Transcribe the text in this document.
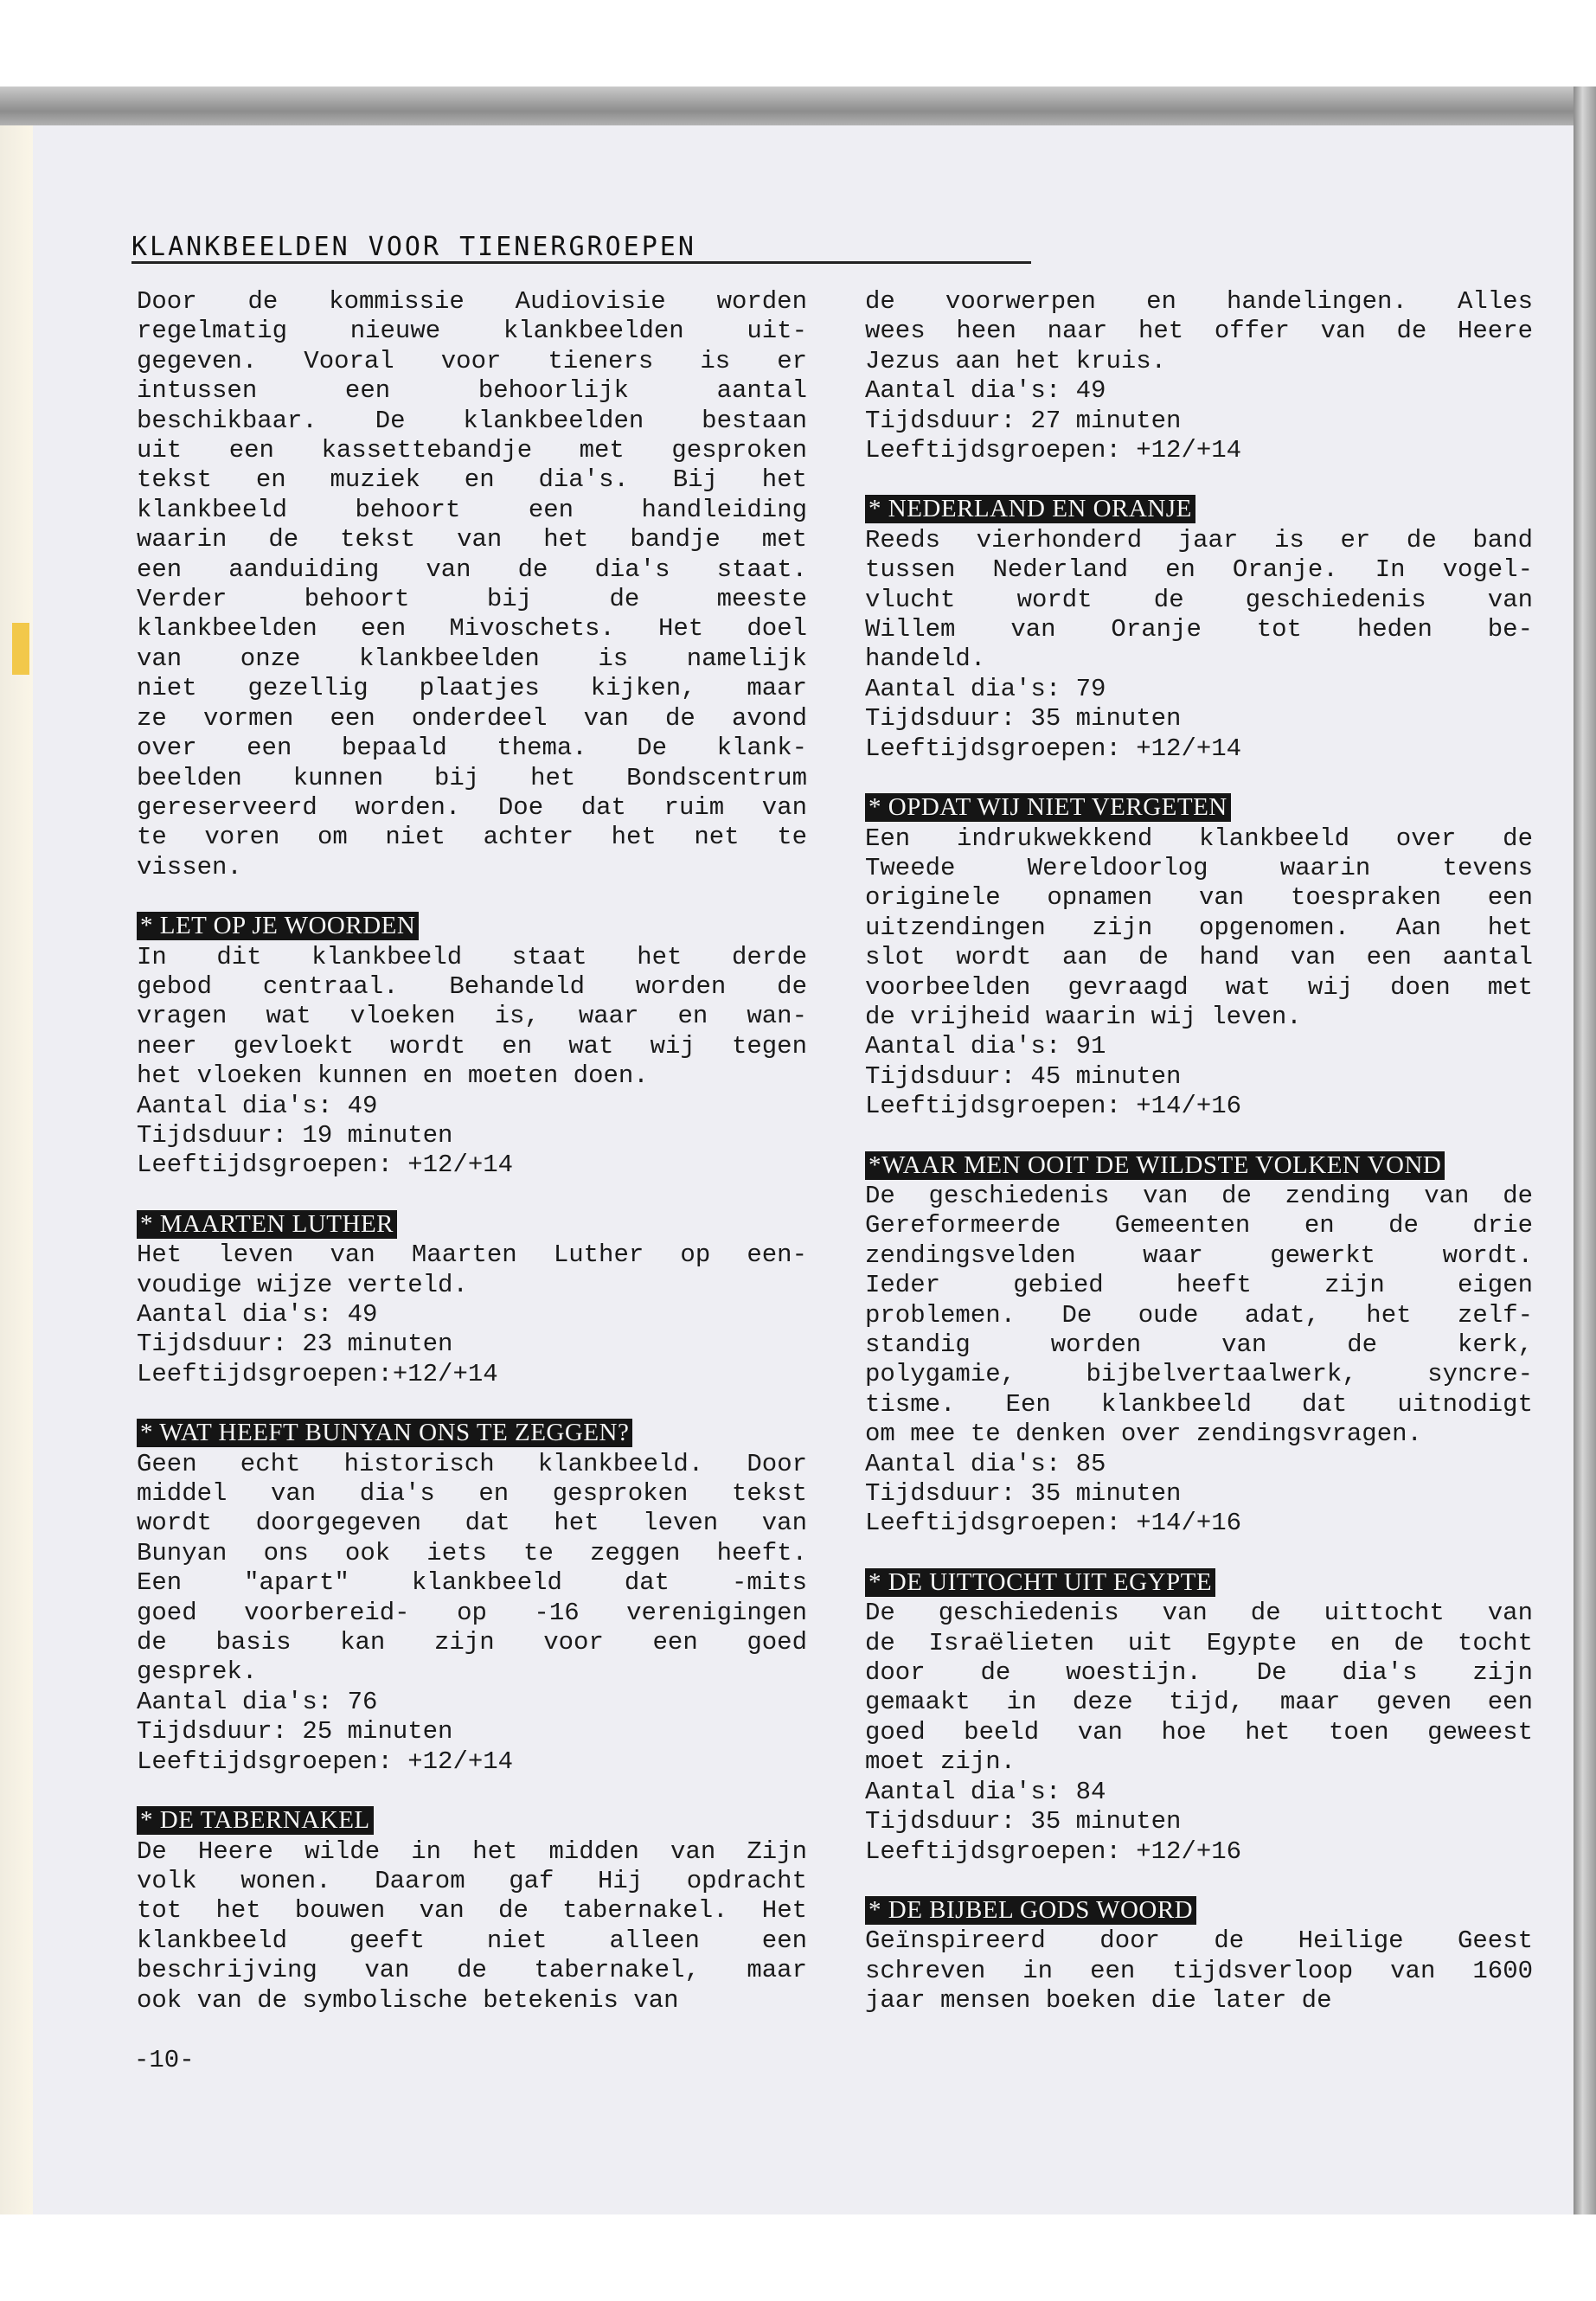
KLANKBEELDEN VOOR TIENERGROEPEN

Door de kommissie Audiovisie worden

regelmatig nieuwe klankbeelden uit-

gegeven. Vooral voor tieners is er

intussen een behoorlijk aantal

beschikbaar. De klankbeelden bestaan

uit een kassettebandje met gesproken

tekst en muziek en dia's. Bij het

klankbeeld behoort een handleiding

waarin de tekst van het bandje met

een aanduiding van de dia's staat.

Verder behoort bij de meeste

klankbeelden een Mivoschets. Het doel

van onze klankbeelden is namelijk

niet gezellig plaatjes kijken, maar

ze vormen een onderdeel van de avond

over een bepaald thema. De klank-

beelden kunnen bij het Bondscentrum

gereserveerd worden. Doe dat ruim van

te voren om niet achter het net te

vissen.

* LET OP JE WOORDEN

In dit klankbeeld staat het derde

gebod centraal. Behandeld worden de

vragen wat vloeken is, waar en wan-

neer gevloekt wordt en wat wij tegen

het vloeken kunnen en moeten doen.

Aantal dia's: 49

Tijdsduur: 19 minuten

Leeftijdsgroepen: +12/+14

* MAARTEN LUTHER

Het leven van Maarten Luther op een-

voudige wijze verteld.

Aantal dia's: 49

Tijdsduur: 23 minuten

Leeftijdsgroepen:+12/+14

* WAT HEEFT BUNYAN ONS TE ZEGGEN?

Geen echt historisch klankbeeld. Door

middel van dia's en gesproken tekst

wordt doorgegeven dat het leven van

Bunyan ons ook iets te zeggen heeft.

Een "apart" klankbeeld dat -mits

goed voorbereid- op -16 verenigingen

de basis kan zijn voor een goed

gesprek.

Aantal dia's: 76

Tijdsduur: 25 minuten

Leeftijdsgroepen: +12/+14

* DE TABERNAKEL

De Heere wilde in het midden van Zijn

volk wonen. Daarom gaf Hij opdracht

tot het bouwen van de tabernakel. Het

klankbeeld geeft niet alleen een

beschrijving van de tabernakel, maar

ook van de symbolische betekenis van

de voorwerpen en handelingen. Alles

wees heen naar het offer van de Heere

Jezus aan het kruis.

Aantal dia's: 49

Tijdsduur: 27 minuten

Leeftijdsgroepen: +12/+14

* NEDERLAND EN ORANJE

Reeds vierhonderd jaar is er de band

tussen Nederland en Oranje. In vogel-

vlucht wordt de geschiedenis van

Willem van Oranje tot heden be-

handeld.

Aantal dia's: 79

Tijdsduur: 35 minuten

Leeftijdsgroepen: +12/+14

* OPDAT WIJ NIET VERGETEN

Een indrukwekkend klankbeeld over de

Tweede Wereldoorlog waarin tevens

originele opnamen van toespraken een

uitzendingen zijn opgenomen. Aan het

slot wordt aan de hand van een aantal

voorbeelden gevraagd wat wij doen met

de vrijheid waarin wij leven.

Aantal dia's: 91

Tijdsduur: 45 minuten

Leeftijdsgroepen: +14/+16

*WAAR MEN OOIT DE WILDSTE VOLKEN VOND

De geschiedenis van de zending van de

Gereformeerde Gemeenten en de drie

zendingsvelden waar gewerkt wordt.

Ieder gebied heeft zijn eigen

problemen. De oude adat, het zelf-

standig worden van de kerk,

polygamie, bijbelvertaalwerk, syncre-

tisme. Een klankbeeld dat uitnodigt

om mee te denken over zendingsvragen.

Aantal dia's: 85

Tijdsduur: 35 minuten

Leeftijdsgroepen: +14/+16

* DE UITTOCHT UIT EGYPTE

De geschiedenis van de uittocht van

de Israëlieten uit Egypte en de tocht

door de woestijn. De dia's zijn

gemaakt in deze tijd, maar geven een

goed beeld van hoe het toen geweest

moet zijn.

Aantal dia's: 84

Tijdsduur: 35 minuten

Leeftijdsgroepen: +12/+16

* DE BIJBEL GODS WOORD

Geïnspireerd door de Heilige Geest

schreven in een tijdsverloop van 1600

jaar mensen boeken die later de

-10-
